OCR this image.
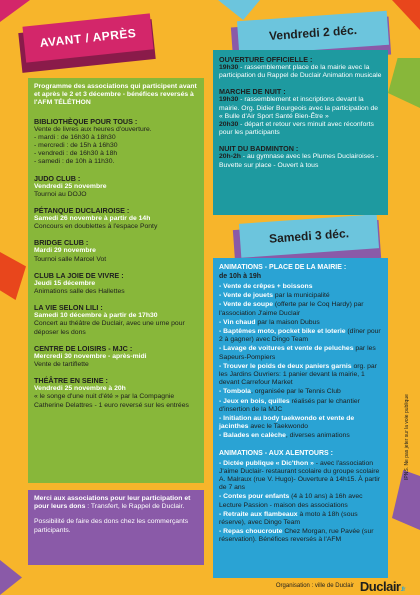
AVANT / APRÈS	Vendredi 2 déc.
Samedi 3 déc.
Programme des associations qui participent avant et après le 2 et 3 décembre - bénéfices reversés à l'AFM TÉLÉTHON
BIBLIOTHÈQUE POUR TOUS :
Vente de livres aux heures d'ouverture.
- mardi : de 16h30 à 18h30
- mercredi : de 15h à 16h30
- vendredi : de 16h30 à 18h
- samedi : de 10h à 11h30.
JUDO CLUB :
Vendredi 25 novembre
Tournoi au DOJO
PÉTANQUE DUCLAIROISE :
Samedi 26 novembre à partir de 14h
Concours en doublettes à l'espace Ponty
BRIDGE CLUB :
Mardi 29 novembre
Tournoi salle Marcel Vot
CLUB LA JOIE DE VIVRE :
Jeudi 15 décembre
Animations salle des Hallettes
LA VIE SELON LILI :
Samedi 10 décembre à partir de 17h30
Concert au théâtre de Duclair, avec une urne pour déposer les dons
CENTRE DE LOISIRS - MJC :
Mercredi 30 novembre - après-midi
Vente de tartiflette
THÉÂTRE EN SEINE :
Vendredi 25 novembre à 20h
« le songe d'une nuit d'été » par la Compagnie Catherine Delattres - 1 euro reversé sur les entrées
Merci aux associations pour leur participation et pour leurs dons : Transfert, le Rappel de Duclair.
Possibilité de faire des dons chez les commerçants participants.
OUVERTURE OFFICIELLE :
19h30 - rassemblement place de la mairie avec la participation du Rappel de Duclair Animation musicale
MARCHE DE NUIT :
19h30 - rassemblement et inscriptions devant la mairie. Org. Didier Bourgeois avec la participation de « Bulle d'Air Sport Santé Bien-Être »
20h30 - départ et retour vers minuit avec réconforts pour les participants
NUIT DU BADMINTON :
20h-2h - au gymnase avec les Plumes Duclairoises - Buvette sur place - Ouvert à tous
ANIMATIONS - PLACE DE LA MAIRIE :
de 10h à 19h
- Vente de crêpes + boissons
- Vente de jouets par la municipalité
- Vente de soupe (offerte par le Coq Hardy) par l'association J'aime Duclair
- Vin chaud par la maison Dubus
- Baptêmes moto, pocket bike et loterie (dîner pour 2 à gagner) avec Dingo Team
- Lavage de voitures et vente de peluches par les Sapeurs-Pompiers
- Trouver le poids de deux paniers garnis org. par les Jardins Ouvriers: 1 panier devant la mairie, 1 devant Carrefour Market
- Tombola, organisée par le Tennis Club
- Jeux en bois, quilles réalisés par le chantier d'insertion de la MJC
- Initiation au body taekwondo et vente de jacinthes avec le Taekwondo
- Balades en calèche, diverses animations
ANIMATIONS - AUX ALENTOURS :
- Dictée publique « Dic'thon » - avec l'association J'aime Duclair- restaurant scolaire du groupe scolaire A. Malraux (rue V. Hugo)- Ouverture à 14h15. À partir de 7 ans
- Contes pour enfants (4 à 10 ans) à 16h avec Lecture Passion - maison des associations
- Retraite aux flambeaux à moto à 18h (sous réserve), avec Dingo Team
- Repas choucroute Chez Morgan, rue Pavée (sur réservation). Bénéfices reversés à l'AFM
Organisation : ville de Duclair Duclair.fr
IPNS. Ne pas jeter sur la voie publique
